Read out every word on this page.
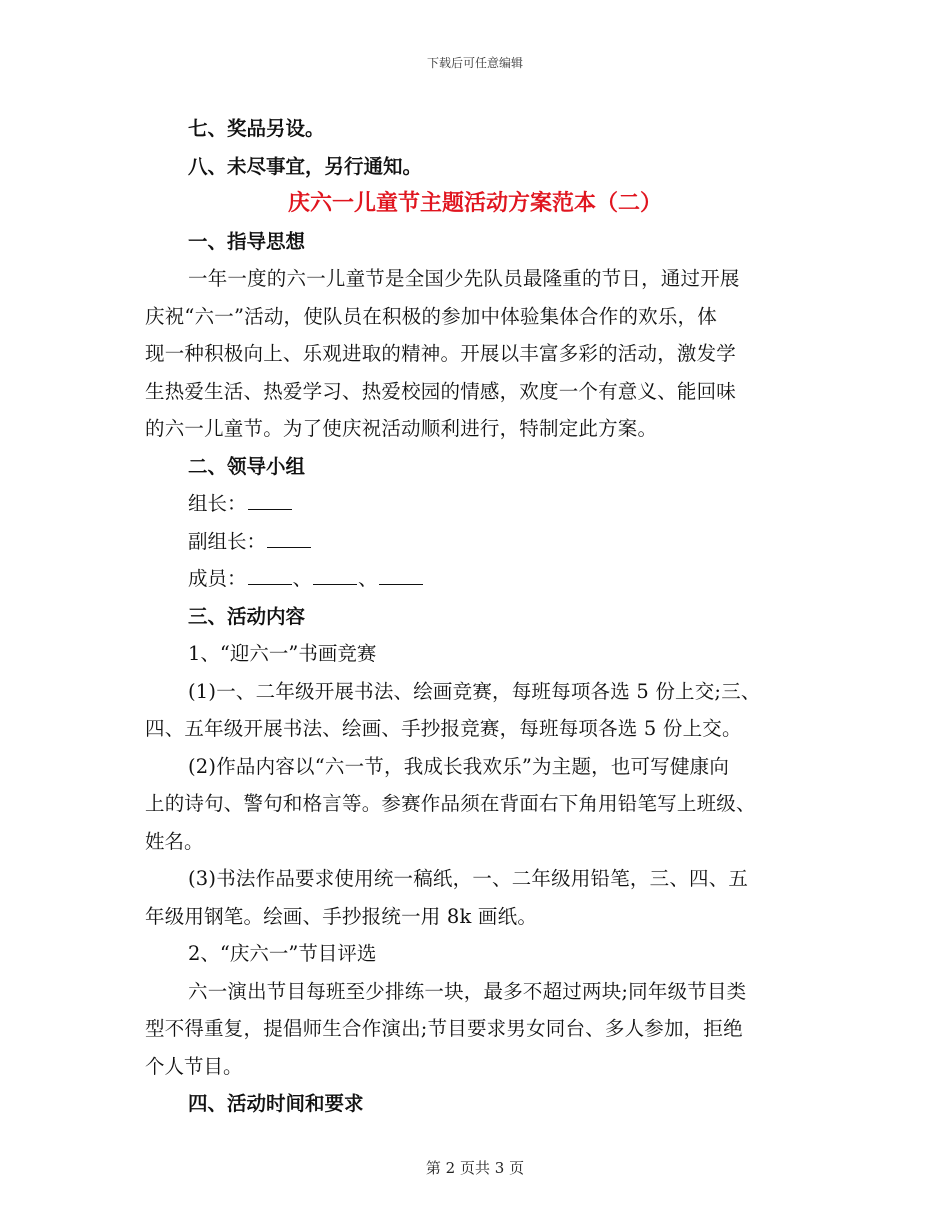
下载后可任意编辑
七、奖品另设。
八、未尽事宜，另行通知。
庆六一儿童节主题活动方案范本（二）
一、指导思想
一年一度的六一儿童节是全国少先队员最隆重的节日，通过开展
庆祝“六一”活动，使队员在积极的参加中体验集体合作的欢乐，体
现一种积极向上、乐观进取的精神。开展以丰富多彩的活动，激发学
生热爱生活、热爱学习、热爱校园的情感，欢度一个有意义、能回味
的六一儿童节。为了使庆祝活动顺利进行，特制定此方案。
二、领导小组
组长：
副组长：
成员： 、 、
三、活动内容
1、“迎六一”书画竞赛
(1)一、二年级开展书法、绘画竞赛，每班每项各选 5 份上交;三、
四、五年级开展书法、绘画、手抄报竞赛，每班每项各选 5 份上交。
(2)作品内容以“六一节，我成长我欢乐”为主题，也可写健康向
上的诗句、警句和格言等。参赛作品须在背面右下角用铅笔写上班级、
姓名。
(3)书法作品要求使用统一稿纸，一、二年级用铅笔，三、四、五
年级用钢笔。绘画、手抄报统一用 8k 画纸。
2、“庆六一”节目评选
六一演出节目每班至少排练一块，最多不超过两块;同年级节目类
型不得重复，提倡师生合作演出;节目要求男女同台、多人参加，拒绝
个人节目。
四、活动时间和要求
第 2 页共 3 页
